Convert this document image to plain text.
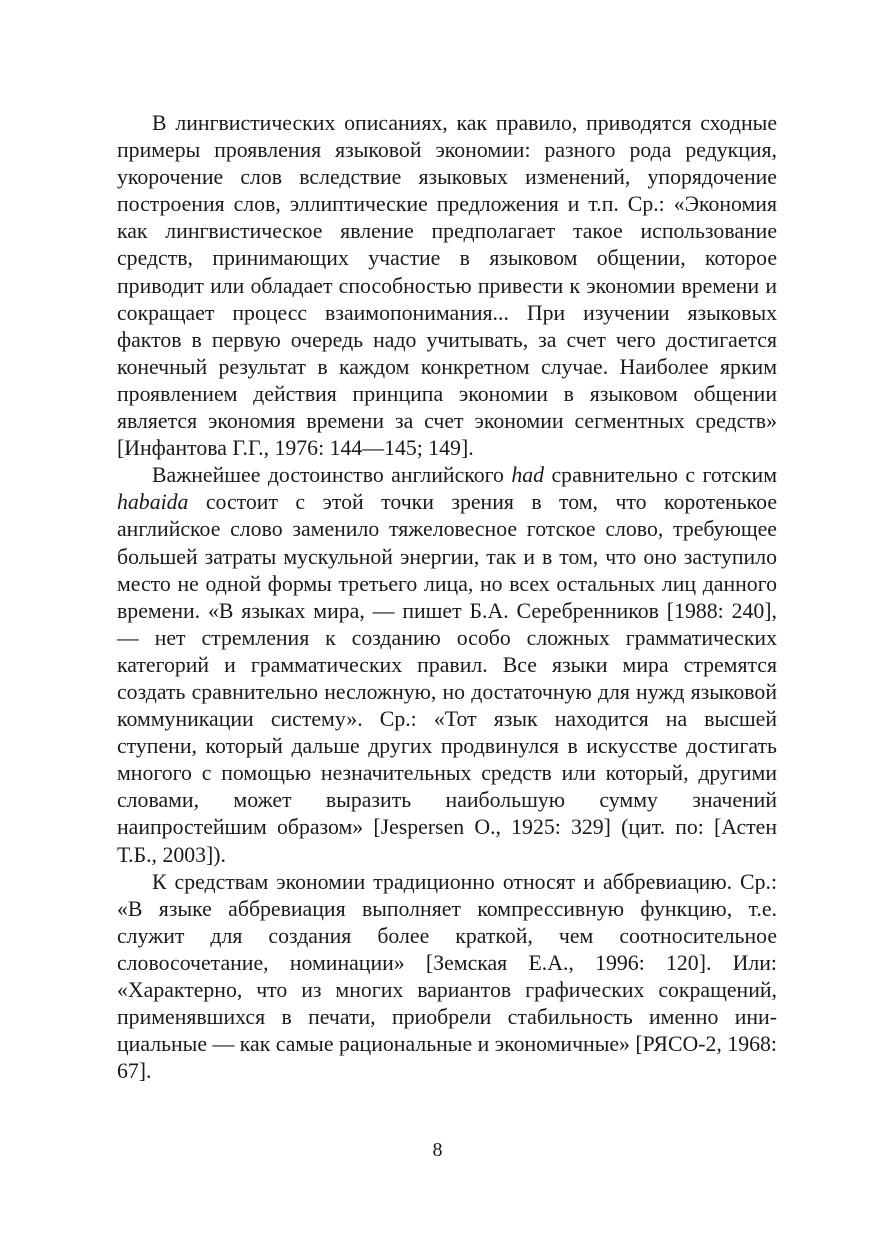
В лингвистических описаниях, как правило, приводятся сходные примеры проявления языковой экономии: разного рода редукция, укорочение слов вследствие языковых изменений, упорядочение построения слов, эллиптические предложения и т.п. Ср.: «Экономия как лингвистическое явление предполагает такое использование средств, принимающих участие в языковом общении, которое приводит или обладает способностью привести к экономии времени и сокращает процесс взаимопонимания... При изучении языковых фактов в первую очередь надо учитывать, за счет чего достигается конечный результат в каждом конкретном случае. Наиболее ярким проявлением действия принципа экономии в языковом общении является экономия времени за счет экономии сегментных средств» [Инфантова Г.Г., 1976: 144—145; 149].

Важнейшее достоинство английского had сравнительно с готским habaida состоит с этой точки зрения в том, что коротенькое английское слово заменило тяжеловесное готское слово, требующее большей затраты мускульной энергии, так и в том, что оно заступило место не одной формы третьего лица, но всех остальных лиц данного времени. «В языках мира, — пишет Б.А. Серебренников [1988: 240], — нет стремления к созданию особо сложных грамматических категорий и грамматических правил. Все языки мира стремятся создать сравнительно несложную, но достаточную для нужд языковой коммуникации систему». Ср.: «Тот язык находится на высшей ступени, который дальше других продвинулся в искусстве достигать многого с помощью незначительных средств или который, другими словами, может выразить наибольшую сумму значений наипростейшим образом» [Jespersen O., 1925: 329] (цит. по: [Астен Т.Б., 2003]).

К средствам экономии традиционно относят и аббревиацию. Ср.: «В языке аббревиация выполняет компрессивную функцию, т.е. служит для создания более краткой, чем соотносительное словосочетание, номинации» [Земская Е.А., 1996: 120]. Или: «Характерно, что из многих вариантов графических сокращений, применявшихся в печати, приобрели стабильность именно инициальные — как самые рациональные и экономичные» [РЯСО-2, 1968: 67].

8
